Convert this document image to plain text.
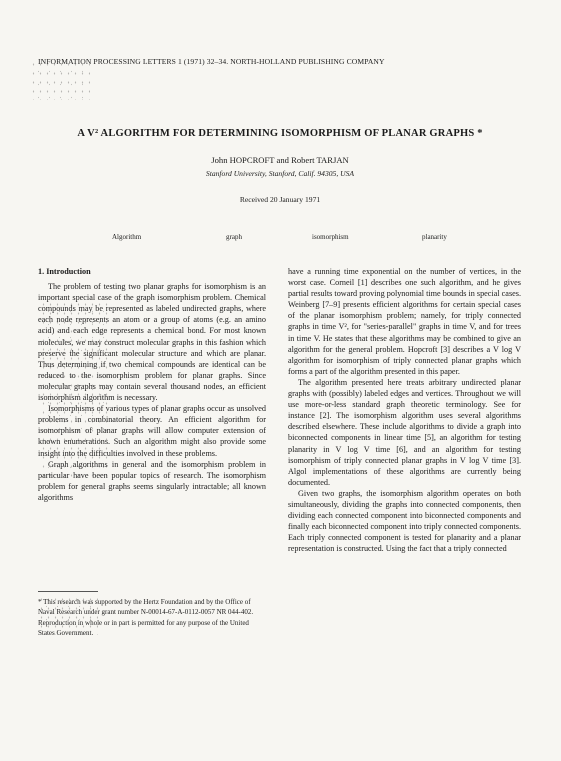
INFORMATION PROCESSING LETTERS 1 (1971) 32–34. NORTH-HOLLAND PUBLISHING COMPANY
A V² ALGORITHM FOR DETERMINING ISOMORPHISM OF PLANAR GRAPHS *
John HOPCROFT and Robert TARJAN
Stanford University, Stanford, Calif. 94305, USA
Received 20 January 1971
Algorithm	graph	isomorphism	planarity
1. Introduction

The problem of testing two planar graphs for isomorphism is an important special case of the graph isomorphism problem. Chemical compounds may be represented as labeled undirected graphs, where each node represents an atom or a group of atoms (e.g. an amino acid) and each edge represents a chemical bond. For most known molecules, we may construct molecular graphs in this fashion which preserve the significant molecular structure and which are planar. Thus determining if two chemical compounds are identical can be reduced to the isomorphism problem for planar graphs. Since molecular graphs may contain several thousand nodes, an efficient isomorphism algorithm is necessary.

Isomorphisms of various types of planar graphs occur as unsolved problems in combinatorial theory. An efficient algorithm for isomorphism of planar graphs will allow computer extension of known enumerations. Such an algorithm might also provide some insight into the difficulties involved in these problems.

Graph algorithms in general and the isomorphism problem in particular have been popular topics of research. The isomorphism problem for general graphs seems singularly intractable; all known algorithms

* This research was supported by the Hertz Foundation and by the Office of Naval Research under grant number N-00014-67-A-0112-0057 NR 044-402. Reproduction in whole or in part is permitted for any purpose of the United States Government.

have a running time exponential on the number of vertices, in the worst case. Corneil [1] describes one such algorithm, and he gives partial results toward proving polynomial time bounds in special cases. Weinberg [7–9] presents efficient algorithms for certain special cases of the planar isomorphism problem; namely, for triply connected graphs in time V², for "series-parallel" graphs in time V, and for trees in time V. He states that these algorithms may be combined to give an algorithm for the general problem. Hopcroft [3] describes a V log V algorithm for isomorphism of triply connected planar graphs which forms a part of the algorithm presented in this paper.

The algorithm presented here treats arbitrary undirected planar graphs with (possibly) labeled edges and vertices. Throughout we will use more-or-less standard graph theoretic terminology. See for instance [2]. The isomorphism algorithm uses several algorithms described elsewhere. These include algorithms to divide a graph into biconnected components in linear time [5], an algorithm for testing planarity in V log V time [6], and an algorithm for testing isomorphism of triply connected planar graphs in V log V time [3]. Algol implementations of these algorithms are currently being documented.

Given two graphs, the isomorphism algorithm operates on both simultaneously, dividing the graphs into connected components, then dividing each connected component into biconnected components and finally each biconnected component into triply connected components. Each triply connected component is tested for planarity and a planar representation is constructed. Using the fact that a triply connected
